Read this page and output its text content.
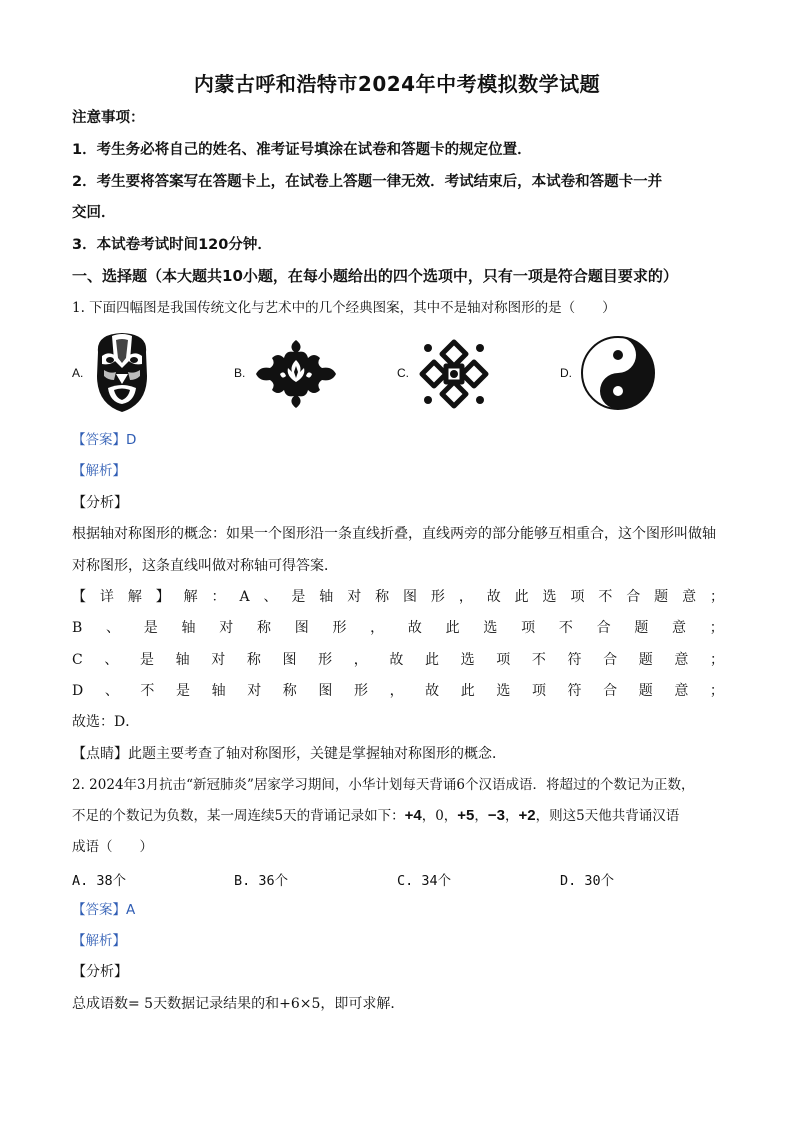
内蒙古呼和浩特市2024年中考模拟数学试题
注意事项：
1．考生务必将自己的姓名、准考证号填涂在试卷和答题卡的规定位置．
2．考生要将答案写在答题卡上，在试卷上答题一律无效．考试结束后，本试卷和答题卡一并
交回．
3．本试卷考试时间120分钟．
一、选择题（本大题共10小题，在每小题给出的四个选项中，只有一项是符合题目要求的）
1. 下面四幅图是我国传统文化与艺术中的几个经典图案，其中不是轴对称图形的是（　　）
A.	B.	C.	D.
【答案】D
【解析】
【分析】
根据轴对称图形的概念：如果一个图形沿一条直线折叠，直线两旁的部分能够互相重合，这个图形叫做轴
对称图形，这条直线叫做对称轴可得答案．
【 详 解 】 解 ： A 、 是 轴 对 称 图 形 ， 故 此 选 项 不 合 题 意 ；
B 、 是 轴 对 称 图 形 ， 故 此 选 项 不 合 题 意 ；
C 、 是 轴 对 称 图 形 ， 故 此 选 项 不 符 合 题 意 ；
D 、 不 是 轴 对 称 图 形 ， 故 此 选 项 符 合 题 意 ；
故选：D．
【点睛】此题主要考查了轴对称图形，关键是掌握轴对称图形的概念．
2. 2024年3月抗击“新冠肺炎”居家学习期间，小华计划每天背诵6个汉语成语．将超过的个数记为正数，
不足的个数记为负数，某一周连续5天的背诵记录如下：+4，0，+5，−3，+2，则这5天他共背诵汉语
成语（　　）
A. 38个	B. 36个	C. 34个	D. 30个
【答案】A
【解析】
【分析】
总成语数= 5天数据记录结果的和+6×5，即可求解．
